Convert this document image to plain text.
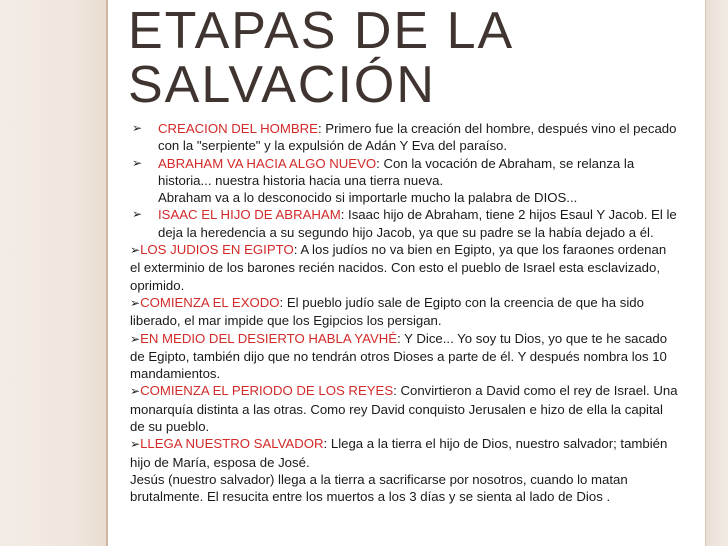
ETAPAS DE LA SALVACIÓN
➢ CREACION DEL HOMBRE: Primero fue la creación del hombre, después vino el pecado con la "serpiente" y la expulsión de Adán Y Eva del paraíso.
➢ ABRAHAM VA HACIA ALGO NUEVO: Con la vocación de Abraham, se relanza la historia... nuestra historia hacia una tierra nueva.
Abraham va a lo desconocido si importarle mucho la palabra de DIOS...
➢ ISAAC EL HIJO DE ABRAHAM: Isaac hijo de Abraham, tiene 2 hijos Esaul Y Jacob. El le deja la heredencia a su segundo hijo Jacob, ya que su padre se la había dejado a él.

➢LOS JUDIOS EN EGIPTO: A los judíos no va bien en Egipto, ya que los faraones ordenan el exterminio de los barones recién nacidos. Con esto el pueblo de Israel esta esclavizado, oprimido.

➢COMIENZA EL EXODO: El pueblo judío sale de Egipto con la creencia de que ha sido liberado, el mar impide que los Egipcios los persigan.

➢EN MEDIO DEL DESIERTO HABLA YAVHÉ: Y Dice... Yo soy tu Dios, yo que te he sacado de Egipto, también dijo que no tendrán otros Dioses a parte de él. Y después nombra los 10 mandamientos.

➢COMIENZA EL PERIODO DE LOS REYES: Convirtieron a David como el rey de Israel. Una monarquía distinta a las otras. Como rey David conquisto Jerusalen e hizo de ella la capital de su pueblo.

➢LLEGA NUESTRO SALVADOR: Llega a la tierra el hijo de Dios, nuestro salvador; también hijo de María, esposa de José.
Jesús (nuestro salvador) llega a la tierra a sacrificarse por nosotros, cuando lo matan brutalmente. El resucita entre los muertos a los 3 días y se sienta al lado de Dios .
